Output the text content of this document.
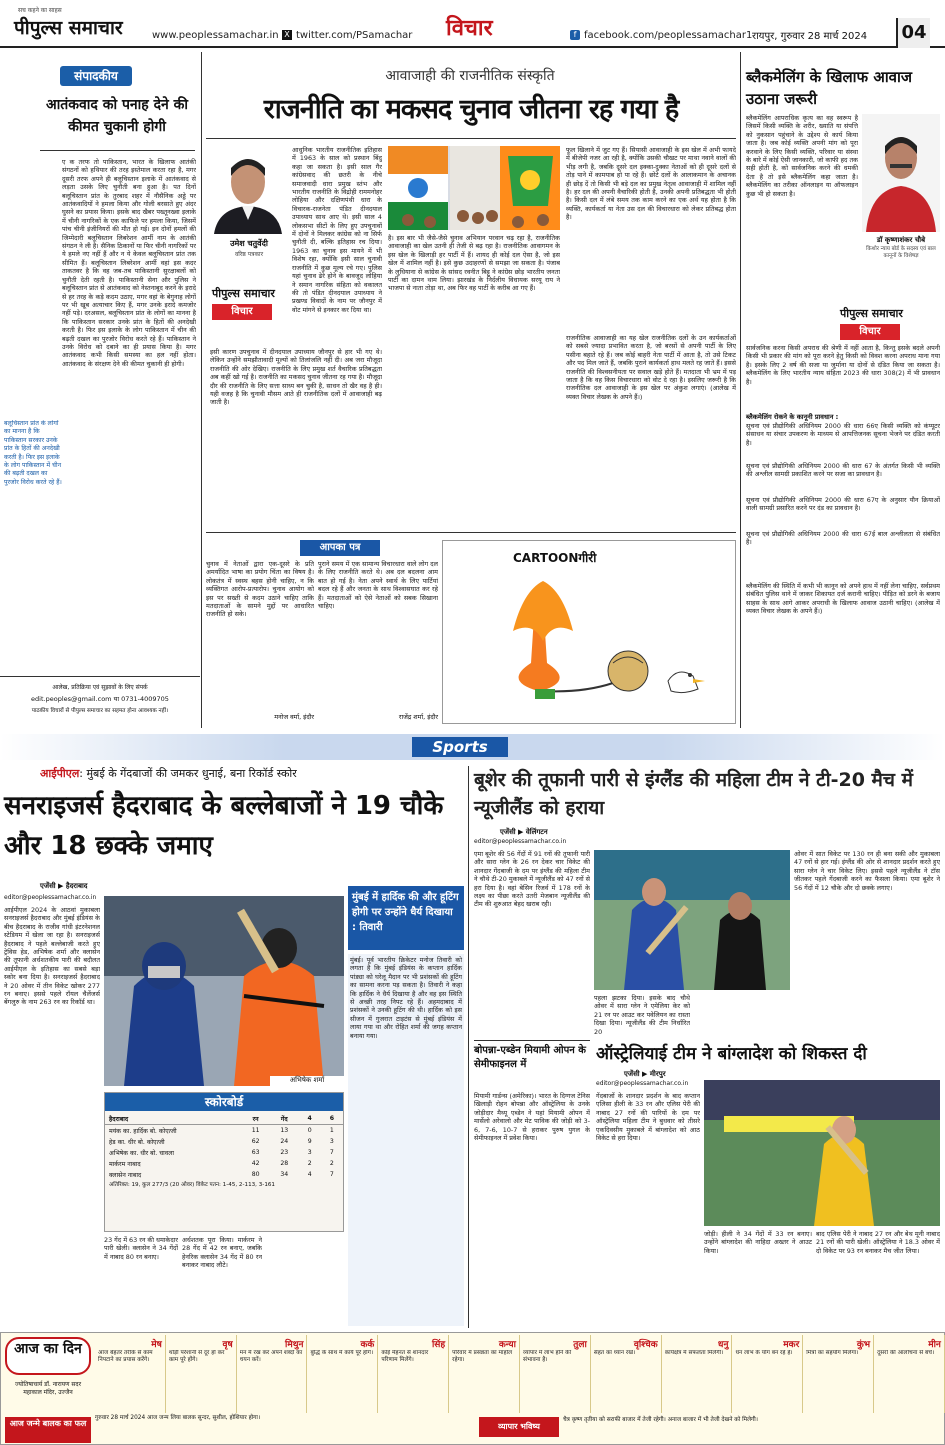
सच कहने का साहस
पीपुल्स समाचार	www.peoplessamachar.in X twitter.com/PSamachar विचार	f facebook.com/peoplessamachar1 रायपुर, गुरुवार 28 मार्च 2024	04
संपादकीय
आतंकवाद को पनाह देने की कीमत चुकानी होगी
ए क तरफ तो पाकिस्तान, भारत के खिलाफ आतंकी संगठनों को हथियार की तरह इस्तेमाल करता रहा है, मगर दूसरी तरफ अपने ही बलूचिस्तान इलाके में आतंकवाद से लड़ता उसके लिए चुनौती बना हुआ है। पत दिनों बलूचिस्तान प्रांत के तुरबाद शहर में नौसैनिक अड्डे पर आतंकवादियों ने हमला किया और गोली बरसाते हुए अंदर घुसने का प्रयास किया। इसके बाद खैबर पख्तूनख्वा इलाके में चीनी नागरिकों के एक काफिले पर हमला किया, जिसमें पांच चीनी इंजीनियरों की मौत हो गई। इन दोनों हमलों की जिम्मेदारी बलूचिस्तान लिबरेशन आर्मी नाम के आतंकी संगठन ने ली है। सैनिक ठिकानों या फिर चीनी नागरिकों पर ये हमले नए नहीं हैं और न ये केवल बलूचिस्तान प्रांत तक सीमित हैं। बलूचिस्तान लिबरेशन आर्मी वहां इस कदर ताकतवर है कि वह जब-तब पाकिस्तानी सुरक्षाबलों को चुनौती देती रहती है। पाकिस्तानी सेना और पुलिस ने बलूचिस्तान प्रांत से आतंकवाद को नेस्तनाबूद करने के इरादे से हर तरह के कड़े कदम उठाए, मगर वहां के बेगुनाह लोगों पर भी खूब अत्याचार किए हैं, मगर उनके इरादे कमजोर नहीं पड़े। दरअसल, बलूचिस्तान प्रांत के लोगों का मानना है कि पाकिस्तान सरकार उनके प्रांत के हितों की अनदेखी करती है। फिर इस इलाके के लोग पाकिस्तान में चीन की बढ़ती दखल का पुरजोर विरोध करते रहे हैं। पाकिस्तान ने उनके विरोध को दबाने का ही प्रयास किया है। मगर आतंकवाद कभी किसी समस्या का हल नहीं होता। आतंकवाद के संरक्षण देने की कीमत चुकानी ही होगी।
बलूचिस्तान प्रांत के लोगों का मानना है कि पाकिस्तान सरकार उनके प्रांत के हितों की अनदेखी करती है। फिर इस इलाके के लोग पाकिस्तान में चीन की बढ़ती दखल का पुरजोर विरोध करते रहे हैं।
आलेख, प्रतिक्रिया एवं सुझावों के लिए संपर्क
edit.peoples@gmail.com या 0731-4009705
पाठकीय विचारों से पीपुल्स समाचार का सहमत होना आवश्यक नहीं।
आवाजाही की राजनीतिक संस्कृति
राजनीति का मकसद चुनाव जीतना रह गया है
उमेश चतुर्वेदी
वरिष्ठ पत्रकार
पीपुल्स समाचार
विचार
आधुनिक भारतीय राजनीतिक इतिहास में 1963 के साल को प्रस्थान बिंदु कहा जा सकता है। इसी साल गैर कांग्रेसवाद की छतरी के नीचे समाजवादी धारा प्रमुख स्तंभ और भारतीय राजनीति के विद्रोही राममनोहर लोहिया और दक्षिणपंथी धारा के विचारक-राजनेता पंडित दीनदयाल उपाध्याय साथ आए थे। इसी साल 4 लोकसभा सीटों के लिए हुए उपचुनावों में दोनों ने मिलकर कांग्रेस को ना सिर्फ चुनौती दी, बल्कि इतिहास रच दिया। 1963 का चुनाव इस मायने में भी विशेष रहा, क्योंकि इसी साल चुनावी राजनीति में कुछ मूल्य रचे गए। पुलिस यहां चुनाव ढेरे होने के बावजूद लोहिया ने समान नागरिक संहिता को वकालत की तो पंडित दीनदयाल उपाध्याय ने प्रखण्ड विवादों के नाम पर जौनपुर में वोट मांगने से इनकार कर दिया था।
इसी कारण उपचुनाव में दीनदयाल उपाध्याय जौनपुर से हार भी गए थे। लेकिन उन्होंने समझौतावादी मूल्यों को तिलांजलि नहीं दी। अब जरा मौजूदा राजनीति की ओर देखिए। राजनीति के लिए प्रमुख शर्त वैचारिक प्रतिबद्धता अब कहीं खो गई है। राजनीति का मकसद चुनाव जीतना रह गया है। मौजूदा दौर की राजनीति के लिए सत्ता साध्य बन चुकी है, साधन तो खैर वह है ही। यही वजह है कि चुनावी मौसम आते ही राजनीतिक दलों में आवाजाही बढ़ जाती है।
है। इस बार भी जैसे-जैसे चुनाव अभियान परवान चढ़ रहा है, राजनीतिक आवाजाही का खेल उतनी ही तेजी से बढ़ रहा है। राजनीतिक आवागमन के इस खेल के खिलाड़ी हर पार्टी में हैं। शायद ही कोई दल ऐसा है, जो इस खेल में शामिल नहीं है। इसे कुछ उदाहरणों से समझा जा सकता है। पंजाब के लुधियाना से कांग्रेस के सांसद रवनीत बिट्टू ने कांग्रेस छोड़ भारतीय जनता पार्टी का दामन थाम लिया। झारखंड के निर्दलीय विधायक सरयू राय ने भाजपा से नाता तोड़ा था, अब फिर वह पार्टी के करीब आ गए हैं।
फूल खिलाने में जुट गए हैं। सियासी आवाजाही के इस खेल में अभी फायदे में बीजेपी नजर आ रही है, क्योंकि उसकी चौखट पर माथा नवाने वालों की भीड़ लगी है, जबकि दूसरे दल इक्का-दुक्का नेताओं को ही दूसरे दलों से तोड़ पाने में कामयाब हो पा रहे हैं। छोटे दलों के आलाकमान के अचानक ही छोड़ दें तो किसी भी बड़े दल का प्रमुख नेतृत्व आवाजाही में शामिल नहीं है। हर दल की अपनी वैचारिकी होती है, उनकी अपनी प्रतिबद्धता भी होती है। किसी दल में लंबे समय तक काम करने का एक अर्थ यह होता है कि व्यक्ति, कार्यकर्ता या नेता उस दल की विचारधारा को लेकर प्रतिबद्ध होता है।
राजनीतिक आवाजाही का यह खेल राजनीतिक दलों के उन कार्यकर्ताओं को सबसे ज्यादा प्रभावित करता है, जो बरसों से अपनी पार्टी के लिए पसीना बहाते रहे हैं। जब कोई बाहरी नेता पार्टी में आता है, तो उसे टिकट और पद मिल जाते हैं, जबकि पुराने कार्यकर्ता हाथ मलते रह जाते हैं। इससे राजनीति की विश्वसनीयता पर सवाल खड़े होते हैं। मतदाता भी भ्रम में पड़ जाता है कि वह किस विचारधारा को वोट दे रहा है। इसलिए जरूरी है कि राजनीतिक दल आवाजाही के इस खेल पर अंकुश लगाएं। (आलेख में व्यक्त विचार लेखक के अपने हैं।)
आपका पत्र
चुनाव में नेताओं द्वारा एक-दूसरे के प्रति अमर्यादित भाषा का प्रयोग चिंता का विषय है। लोकतंत्र में स्वस्थ बहस होनी चाहिए, न कि व्यक्तिगत आरोप-प्रत्यारोप। चुनाव आयोग को इस पर सख्ती से कदम उठाने चाहिए ताकि मतदाताओं के सामने मुद्दों पर आधारित राजनीति हो सके।
मनोज वर्मा, इंदौर
पुराने समय में एक सामान्य विचारधारा वाले लोग दल के लिए राजनीति करते थे। अब दल बदलना आम बात हो गई है। नेता अपने स्वार्थ के लिए पार्टियां बदल रहे हैं और जनता के साथ विश्वासघात कर रहे हैं। मतदाताओं को ऐसे नेताओं को सबक सिखाना चाहिए।
राजेंद्र शर्मा, इंदौर
CARTOONगीरी
ब्लैकमेलिंग के खिलाफ आवाज उठाना जरूरी
ब्लैकमेलिंग आपराधिक कृत्य का वह स्वरूप है जिसमें किसी व्यक्ति के शरीर, ख्याति या संपत्ति को नुकसान पहुंचाने के उद्देश्य से कार्य किया जाता है। जब कोई व्यक्ति अपनी मांग को पूरा करवाने के लिए किसी व्यक्ति, परिवार या संस्था के बारे में कोई ऐसी जानकारी, जो काफी हद तक सही होती है, को सार्वजनिक करने की धमकी देता है तो इसे ब्लैकमेलिंग कहा जाता है। ब्लैकमेलिंग का तरीका ऑनलाइन या ऑफलाइन कुछ भी हो सकता है।
डॉ कृष्णाशंकर चौबे
किशोर न्याय बोर्ड के सदस्य एवं बाल कानूनों के विशेषज्ञ
पीपुल्स समाचार
विचार
सार्वजनिक करना किसी अपराध की श्रेणी में नहीं आता है, किन्तु इसके बदले अपनी किसी भी प्रकार की मांग को पूरा करने हेतु किसी को विवश करना अपराध माना गया है। इसके लिए 2 वर्ष की सजा या जुर्माना या दोनों से दंडित किया जा सकता है। ब्लैकमेलिंग के लिए भारतीय न्याय संहिता 2023 की धारा 308(2) में भी प्रावधान है।
ब्लैकमेलिंग रोकने के कानूनी प्रावधान :
सूचना एवं प्रौद्योगिकी अधिनियम 2000 की धारा 66ए किसी व्यक्ति को कंप्यूटर संसाधन या संचार उपकरण के माध्यम से आपत्तिजनक सूचना भेजने पर दंडित करती है।
सूचना एवं प्रौद्योगिकी अधिनियम 2000 की धारा 67 के अंतर्गत किसी भी व्यक्ति की अश्लील सामग्री प्रकाशित करने पर सजा का प्रावधान है।
सूचना एवं प्रौद्योगिकी अधिनियम 2000 की धारा 67ए के अनुसार यौन क्रियाओं वाली सामग्री प्रसारित करने पर दंड का प्रावधान है।
सूचना एवं प्रौद्योगिकी अधिनियम 2000 की धारा 67ई बाल अश्लीलता से संबंधित है।
ब्लैकमेलिंग की स्थिति में कभी भी कानून को अपने हाथ में नहीं लेना चाहिए, सर्वप्रथम संबंधित पुलिस थाने में जाकर शिकायत दर्ज करानी चाहिए। पीड़ित को डरने के बजाय साहस के साथ आगे आकर अपराधी के खिलाफ आवाज उठानी चाहिए। (आलेख में व्यक्त विचार लेखक के अपने हैं।)
Sports
आईपीएल: मुंबई के गेंदबाजों की जमकर धुनाई, बना रिकॉर्ड स्कोर
सनराइजर्स हैदराबाद के बल्लेबाजों ने 19 चौके और 18 छक्के जमाए
एजेंसी ▶ हैदराबाद
editor@peoplessamachar.co.in
आईपीएल 2024 के आठवां मुकाबला सनराइजर्स हैदराबाद और मुंबई इंडियंस के बीच हैदराबाद के राजीव गांधी इंटरनेशनल स्टेडियम में खेला जा रहा है। सनराइजर्स हैदराबाद ने पहले बल्लेबाजी करते हुए ट्रेविस हेड, अभिषेक शर्मा और क्लासेन की तूफानी अर्धशतकीय पारी की बदौलत आईपीएल के इतिहास का सबसे बड़ा स्कोर बना दिया है। सनराइजर्स हैदराबाद ने 20 ओवर में तीन विकेट खोकर 277 रन बनाए। इससे पहले रॉयल चैलेंजर्स बेंगलुरु के नाम 263 रन का रिकॉर्ड था।
अभिषेक शर्मा
स्कोरबोर्ड
हैदराबाद	रन	गेंद	4	6
मयंक का. हार्दिक बो. कोएत्जी	11	13	0	1
हेड का. धीर बो. कोएत्जी	62	24	9	3
अभिषेक का. धीर बो. चावला	63	23	3	7
मार्करम नाबाद	42	28	2	2
क्लासेन नाबाद	80	34	4	7
अतिरिक्त: 19, कुल 277/3 (20 ओवर) विकेट पतन: 1-45, 2-113, 3-161
23 गेंद में 63 रन की धमाकेदार पारी खेली। क्लासेन ने 34 गेंदों में नाबाद 80 रन बनाए।
अर्धशतक पूरा किया। मार्करम ने 28 गेंद में 42 रन बनाए, जबकि हेनरिक क्लासेन 34 गेंद में 80 रन बनाकर नाबाद लौटे।
मुंबई में हार्दिक की और हूटिंग होगी पर उन्होंने धैर्य दिखाया : तिवारी
मुंबई। पूर्व भारतीय क्रिकेटर मनोज तिवारी को लगता है कि मुंबई इंडियंस के कप्तान हार्दिक पांड्या को घरेलू मैदान पर भी प्रशंसकों की हूटिंग का सामना करना पड़ सकता है। तिवारी ने कहा कि हार्दिक ने धैर्य दिखाया है और वह इस स्थिति से अच्छी तरह निपट रहे हैं। अहमदाबाद में प्रशंसकों ने उनकी हूटिंग की थी। हार्दिक को इस सीजन में गुजरात टाइटंस से मुंबई इंडियंस में लाया गया था और रोहित शर्मा की जगह कप्तान बनाया गया।
बूशेर की तूफानी पारी से इंग्लैंड की महिला टीम ने टी-20 मैच में न्यूजीलैंड को हराया
एजेंसी ▶ वेलिंगटन
editor@peoplessamachar.co.in
एमा बूशेर की 56 गेंदों में 91 रनों की तूफानी पारी और सारा ग्लेन के 26 रन देकर चार विकेट की शानदार गेंदबाजी के दम पर इंग्लैंड की महिला टीम ने चौथे टी-20 मुकाबले में न्यूजीलैंड को 47 रनों से हरा दिया है। वहां बेसिन रिजर्व में 178 रनों के लक्ष्य का पीछा करते उतरी मेजबान न्यूजीलैंड की टीम की शुरुआत बेहद खराब रही।
पहला झटका दिया। इसके बाद चौथे ओवर में सारा ग्लेन ने एमेलिया केर को 21 रन पर आउट कर पवेलियन का रास्ता दिखा दिया। न्यूजीलैंड की टीम निर्धारित 20
ओवर में सात विकेट पर 130 रन ही बना सकी और मुकाबला 47 रनों से हार गई। इंग्लैंड की ओर से शानदार प्रदर्शन करते हुए सारा ग्लेन ने चार विकेट लिए। इससे पहले न्यूजीलैंड ने टॉस जीतकर पहले गेंदबाजी करने का फैसला किया। एमा बूशेर ने 56 गेंदों में 12 चौके और दो छक्के लगाए।
बोपन्ना-एब्डेन मियामी ओपन के सेमीफाइनल में
मियामी गार्डन्स (अमेरिका)। भारत के दिग्गज टेनिस खिलाड़ी रोहन बोपन्ना और ऑस्ट्रेलिया के उनके जोड़ीदार मैथ्यू एब्डेन ने यहां मियामी ओपन में मार्सेलो अरेवालो और मेट पाविक की जोड़ी को 3-6, 7-6, 10-7 से हराकर पुरुष युगल के सेमीफाइनल में प्रवेश किया।
ऑस्ट्रेलियाई टीम ने बांग्लादेश को शिकस्त दी
एजेंसी ▶ मीरपुर
editor@peoplessamachar.co.in
गेंदबाजों के शानदार प्रदर्शन के बाद कप्तान एलिसा हीली के 33 रन और एलिस पेरी की नाबाद 27 रनों की पारियों के दम पर ऑस्ट्रेलिया महिला टीम ने बुधवार को तीसरे एकदिवसीय मुकाबले में बांग्लादेश को आठ विकेट से हरा दिया।
जोड़ी। हीली ने 34 गेंदों में 33 रन बनाए। उन्होंने बांग्लादेश की नाहिदा अख्तर ने आउट किया।
बाद एलिस पेरी ने नाबाद 27 रन और बेथ मूनी नाबाद 21 रनों की पारी खेली। ऑस्ट्रेलिया ने 18.3 ओवर में दो विकेट पर 93 रन बनाकर मैच जीत लिया।
आज का दिन
ज्योतिषाचार्य डॉ. नारायण सदर महाकाल मंदिर, उज्जैन
आज जन्मे बालक का फल
मेष
आज बेहतर तरीके से काम निपटाने का प्रयास करेंगे।
वृष
थोड़ी परेशानी से दूर हो कर काम पूरे होंगे।
मिथुन
मन में रख कर अपने शब्दों का चयन करें।
कर्क
बुद्धि के साथ में कार्य पूरे होंगे।
सिंह
कोई मेहनत से शानदार परिणाम मिलेंगे।
कन्या
परिवार में प्रसन्नता का माहौल रहेगा।
तुला
व्यापार में लाभ होने की संभावना है।
वृश्चिक
सेहत का ध्यान रखें।
धनु
कार्यक्षेत्र में सफलता मिलेगी।
मकर
धन लाभ के योग बन रहे हैं।
कुंभ
मित्रों का सहयोग मिलेगा।
मीन
दूसरों की आलोचना से बचें।
गुरुवार 28 मार्च 2024 आज जन्म लिया बालक सुन्दर, सुशील, होशियार होगा।
व्यापार भविष्य
चैत्र कृष्ण तृतीया को सराफी बाजार में तेजी रहेगी। अनाज बाजार में भी तेजी देखने को मिलेगी।
